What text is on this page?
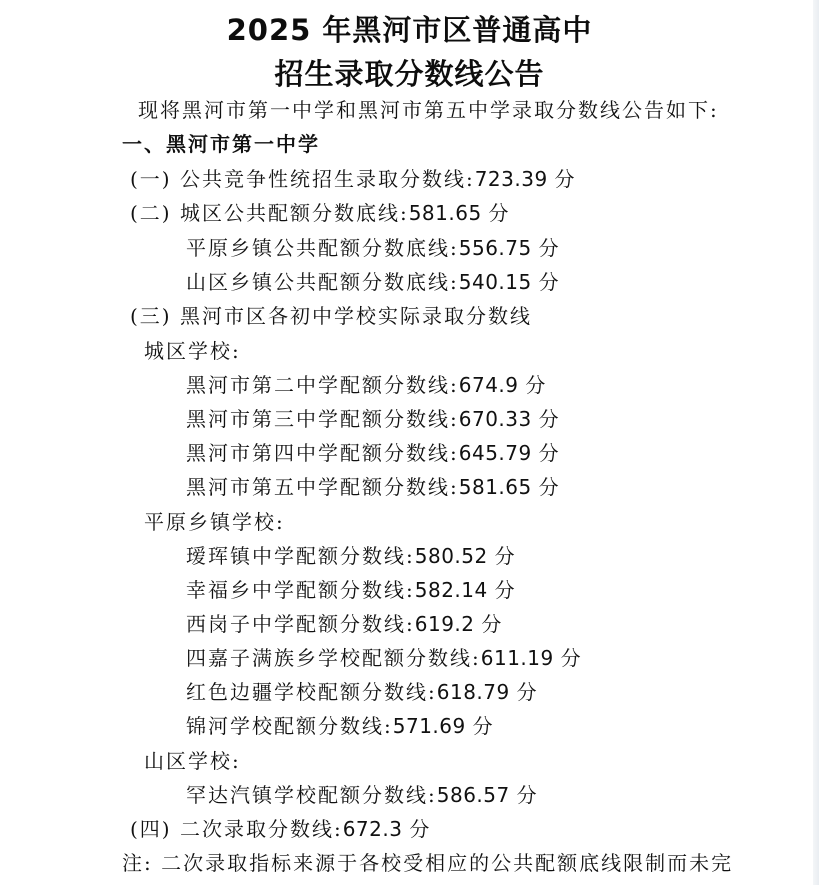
2025 年黑河市区普通高中
招生录取分数线公告
现将黑河市第一中学和黑河市第五中学录取分数线公告如下:
一、黑河市第一中学
(一) 公共竞争性统招生录取分数线:723.39 分
(二) 城区公共配额分数底线:581.65 分
平原乡镇公共配额分数底线:556.75 分
山区乡镇公共配额分数底线:540.15 分
(三) 黑河市区各初中学校实际录取分数线
城区学校:
黑河市第二中学配额分数线:674.9 分
黑河市第三中学配额分数线:670.33 分
黑河市第四中学配额分数线:645.79 分
黑河市第五中学配额分数线:581.65 分
平原乡镇学校:
瑷珲镇中学配额分数线:580.52 分
幸福乡中学配额分数线:582.14 分
西岗子中学配额分数线:619.2 分
四嘉子满族乡学校配额分数线:611.19 分
红色边疆学校配额分数线:618.79 分
锦河学校配额分数线:571.69 分
山区学校:
罕达汽镇学校配额分数线:586.57 分
(四) 二次录取分数线:672.3 分
注: 二次录取指标来源于各校受相应的公共配额底线限制而未完
